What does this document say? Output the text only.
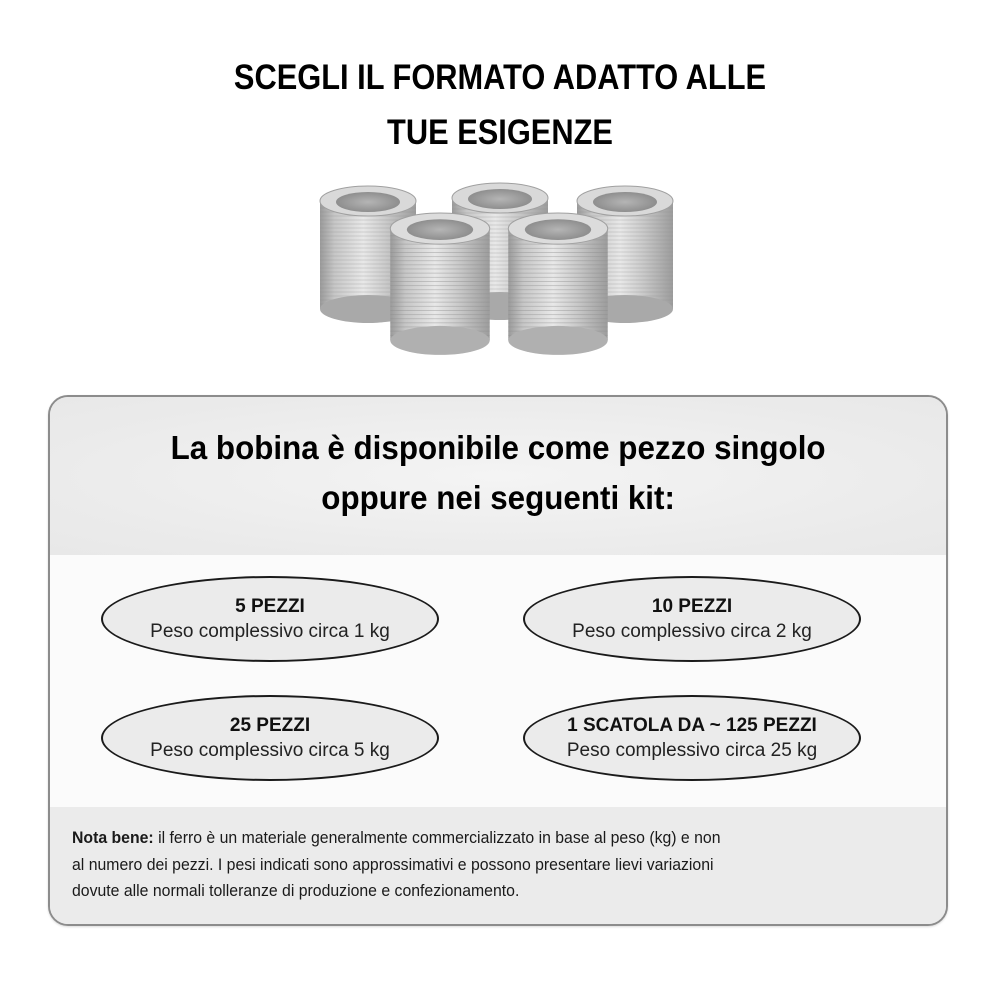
SCEGLI IL FORMATO ADATTO ALLE
TUE ESIGENZE
La bobina è disponibile come pezzo singolo
oppure nei seguenti kit:
5 PEZZI
Peso complessivo circa 1 kg
10 PEZZI
Peso complessivo circa 2 kg
25 PEZZI
Peso complessivo circa 5 kg
1 SCATOLA DA ~ 125 PEZZI
Peso complessivo circa 25 kg

Nota bene: il ferro è un materiale generalmente commercializzato in base al peso (kg) e non
al numero dei pezzi. I pesi indicati sono approssimativi e possono presentare lievi variazioni
dovute alle normali tolleranze di produzione e confezionamento.
